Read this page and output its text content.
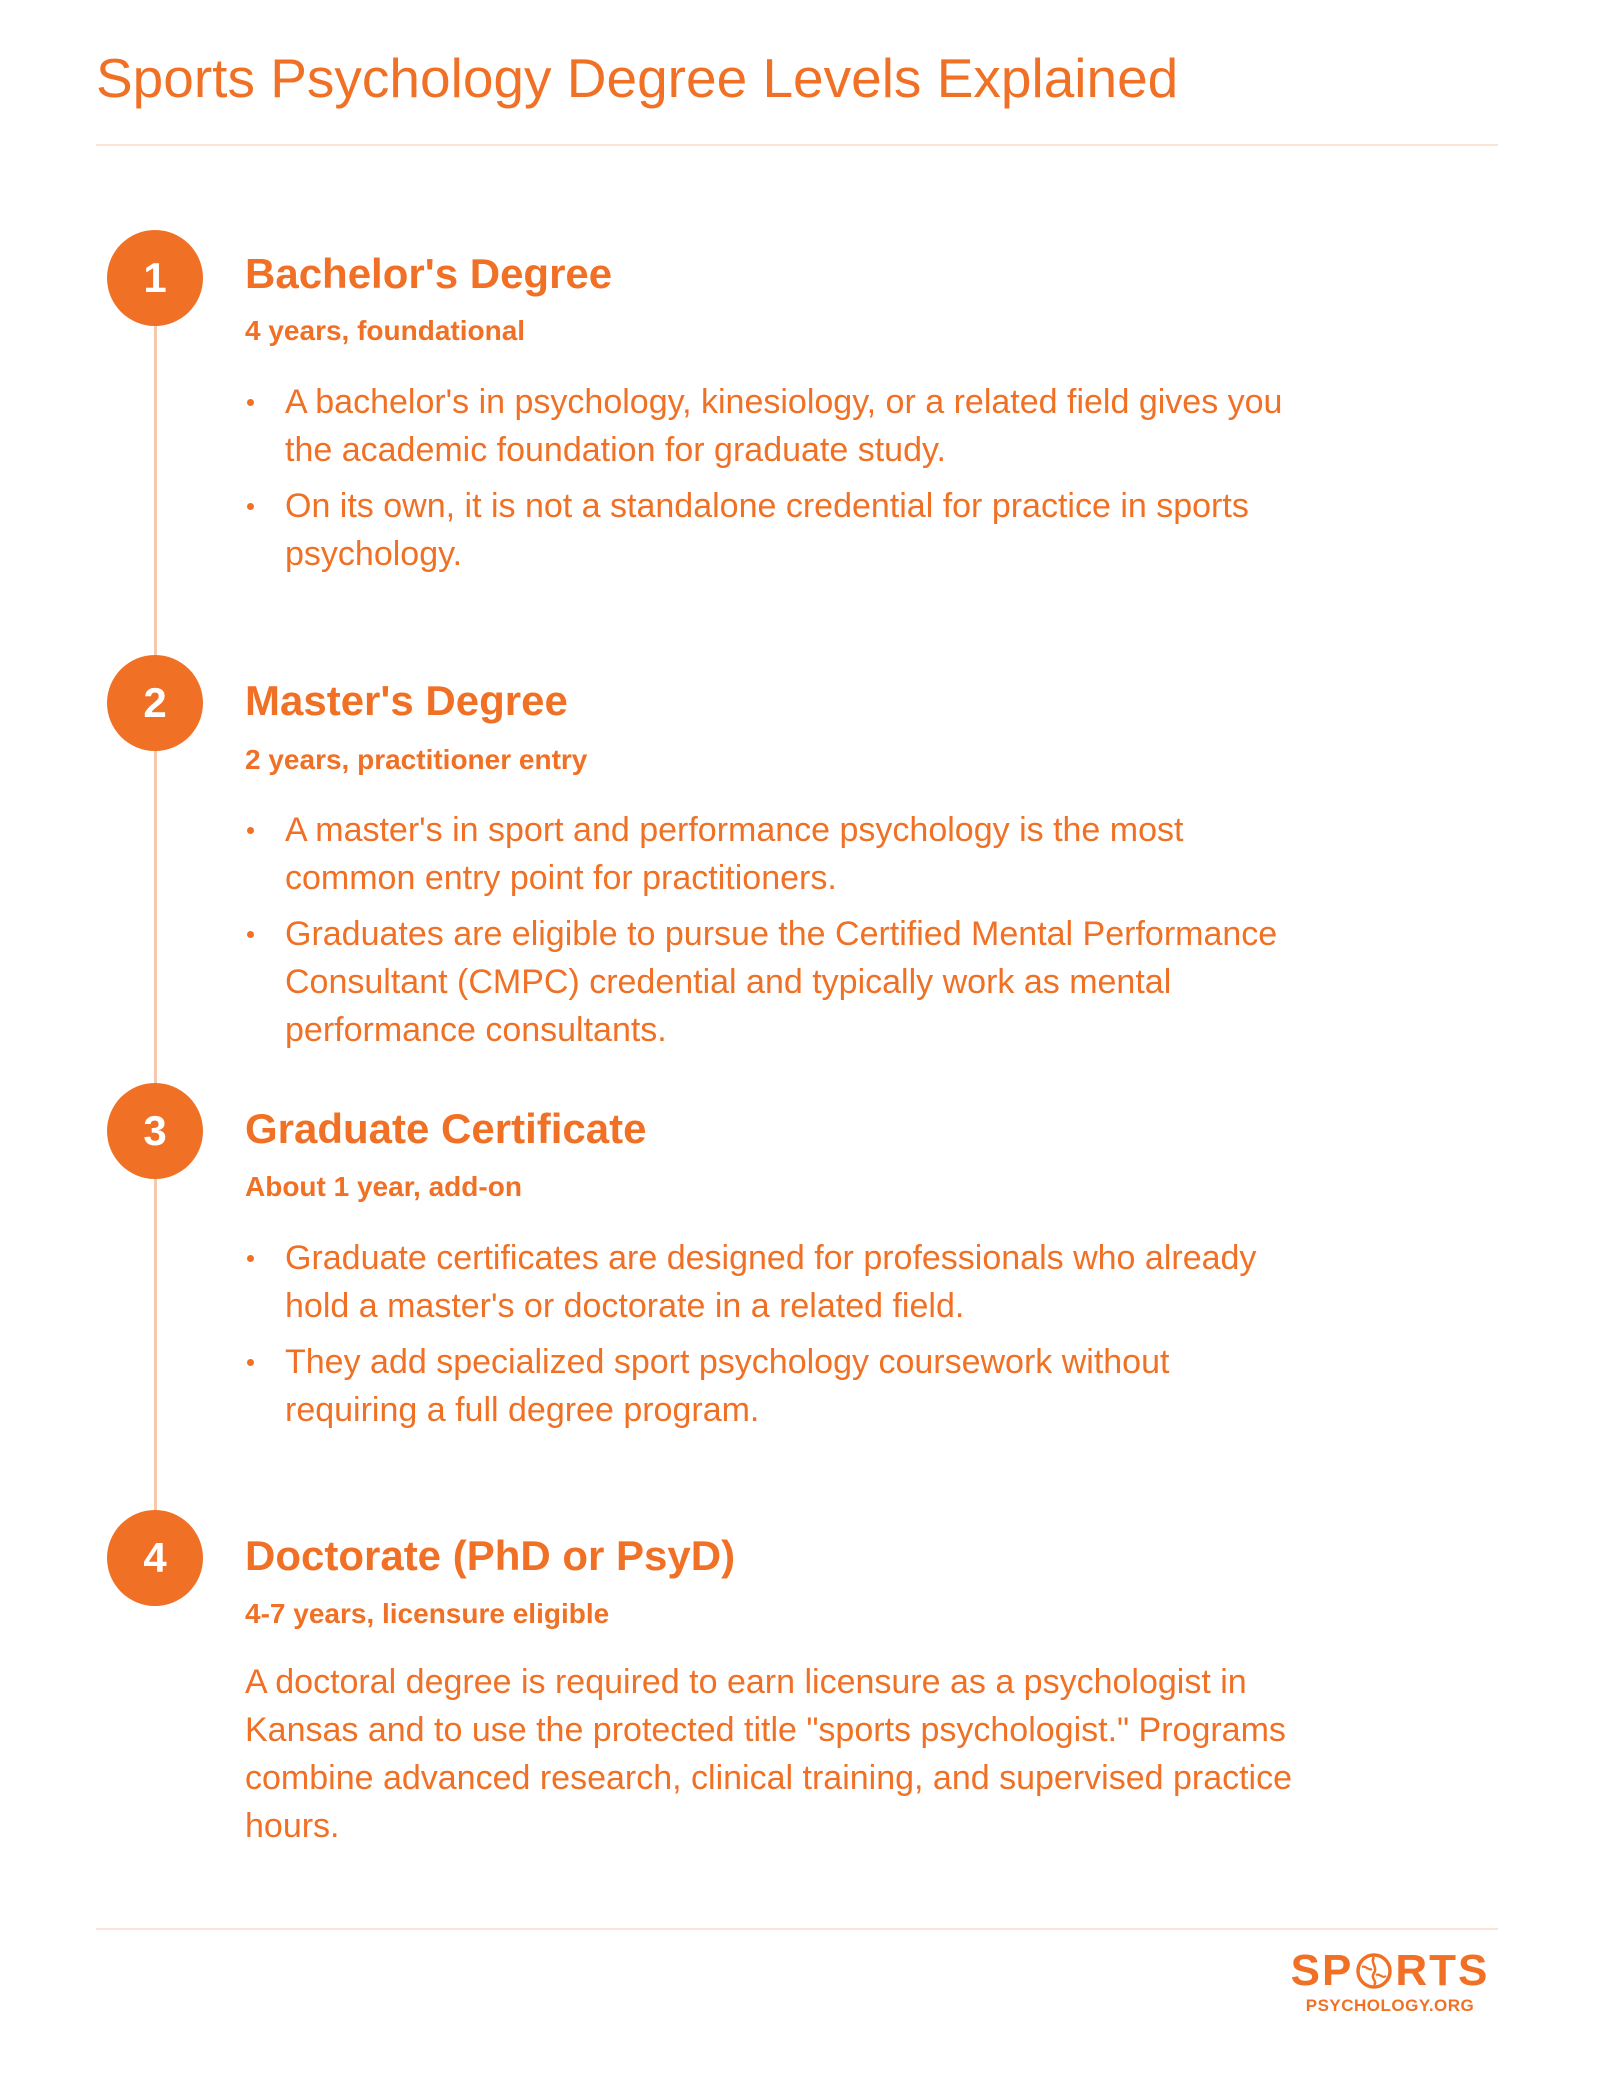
Sports Psychology Degree Levels Explained
1	Bachelor's Degree
4 years, foundational
A bachelor's in psychology, kinesiology, or a related field gives you the academic foundation for graduate study.
On its own, it is not a standalone credential for practice in sports psychology.
2	Master's Degree
2 years, practitioner entry
A master's in sport and performance psychology is the most common entry point for practitioners.
Graduates are eligible to pursue the Certified Mental Performance Consultant (CMPC) credential and typically work as mental performance consultants.
3	Graduate Certificate
About 1 year, add-on
Graduate certificates are designed for professionals who already hold a master's or doctorate in a related field.
They add specialized sport psychology coursework without requiring a full degree program.
4	Doctorate (PhD or PsyD)
4-7 years, licensure eligible

A doctoral degree is required to earn licensure as a psychologist in Kansas and to use the protected title "sports psychologist." Programs combine advanced research, clinical training, and supervised practice hours.

SP RTS
PSYCHOLOGY.ORG
